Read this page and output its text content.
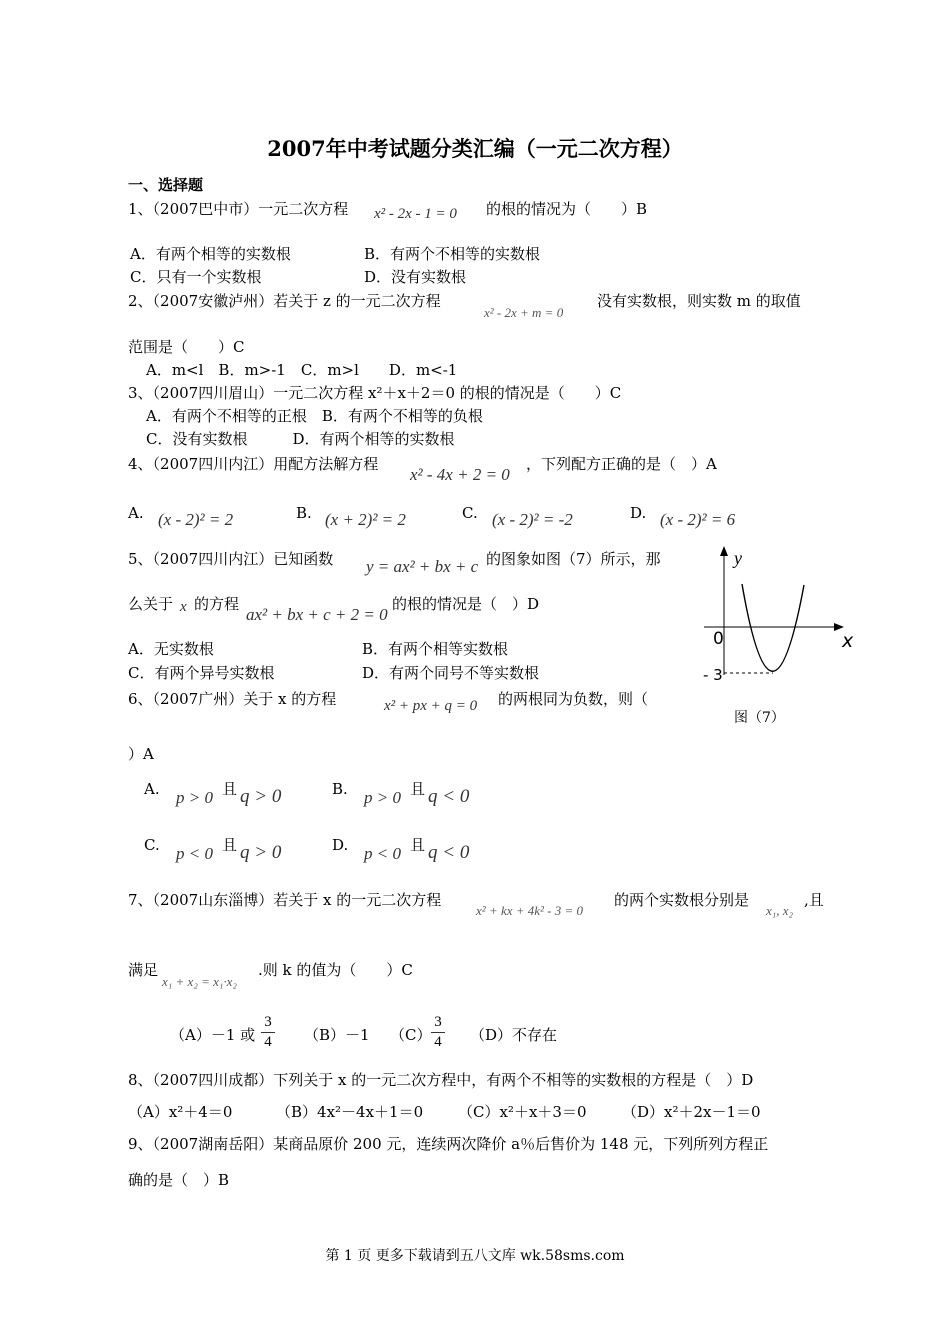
2007年中考试题分类汇编（一元二次方程）
一、选择题
1、（2007巴中市）一元二次方程 x² - 2x - 1 = 0 的根的情况为（　　）B
A．有两个相等的实数根	B．有两个不相等的实数根
C．只有一个实数根	D．没有实数根
2、（2007安徽泸州）若关于 z 的一元二次方程
x² - 2x + m = 0
没有实数根，则实数 m 的取值
范围是（　　）C
A．m<l　B．m>-1　C．m>l　　D．m<-1
3、（2007四川眉山）一元二次方程 x²＋x＋2＝0 的根的情况是（　　）C
A．有两个不相等的正根　B．有两个不相等的负根
C．没有实数根　　　D．有两个相等的实数根
4、（2007四川内江）用配方法解方程
x² - 4x + 2 = 0
，下列配方正确的是（　）A
A. (x - 2)² = 2	B. (x + 2)² = 2	C. (x - 2)² = -2	D. (x - 2)² = 6
5、（2007四川内江）已知函数 y = ax² + bx + c 的图象如图（7）所示，那
么关于 x 的方程
ax² + bx + c + 2 = 0
的根的情况是（　）D
A．无实数根	B．有两个相等实数根
C．有两个异号实数根	D．有两个同号不等实数根
y
x
0
- 3
图（7）
6、（2007广州）关于 x 的方程	x² + px + q = 0 的两根同为负数，则（
）A
A. p > 0 且 q > 0	B. p > 0 且 q < 0
C. p < 0 且 q > 0	D. p < 0 且 q < 0
7、（2007山东淄博）若关于 x 的一元二次方程
x² + kx + 4k² - 3 = 0
的两个实数根分别是
x₁, x₂
,且
满足
x₁ + x₂ = x₁·x₂
.则 k 的值为（　　）C
（A）－1 或
3
4 （B）－1 （C）
3
4 （D）不存在
8、（2007四川成都）下列关于 x 的一元二次方程中，有两个不相等的实数根的方程是（　）D
（A）x²＋4＝0	（B）4x²－4x＋1＝0 （C）x²＋x＋3＝0 （D）x²＋2x－1＝0
9、（2007湖南岳阳）某商品原价 200 元，连续两次降价 a％后售价为 148 元，下列所列方程正
确的是（　）B
第 1 页 更多下载请到五八文库 wk.58sms.com
